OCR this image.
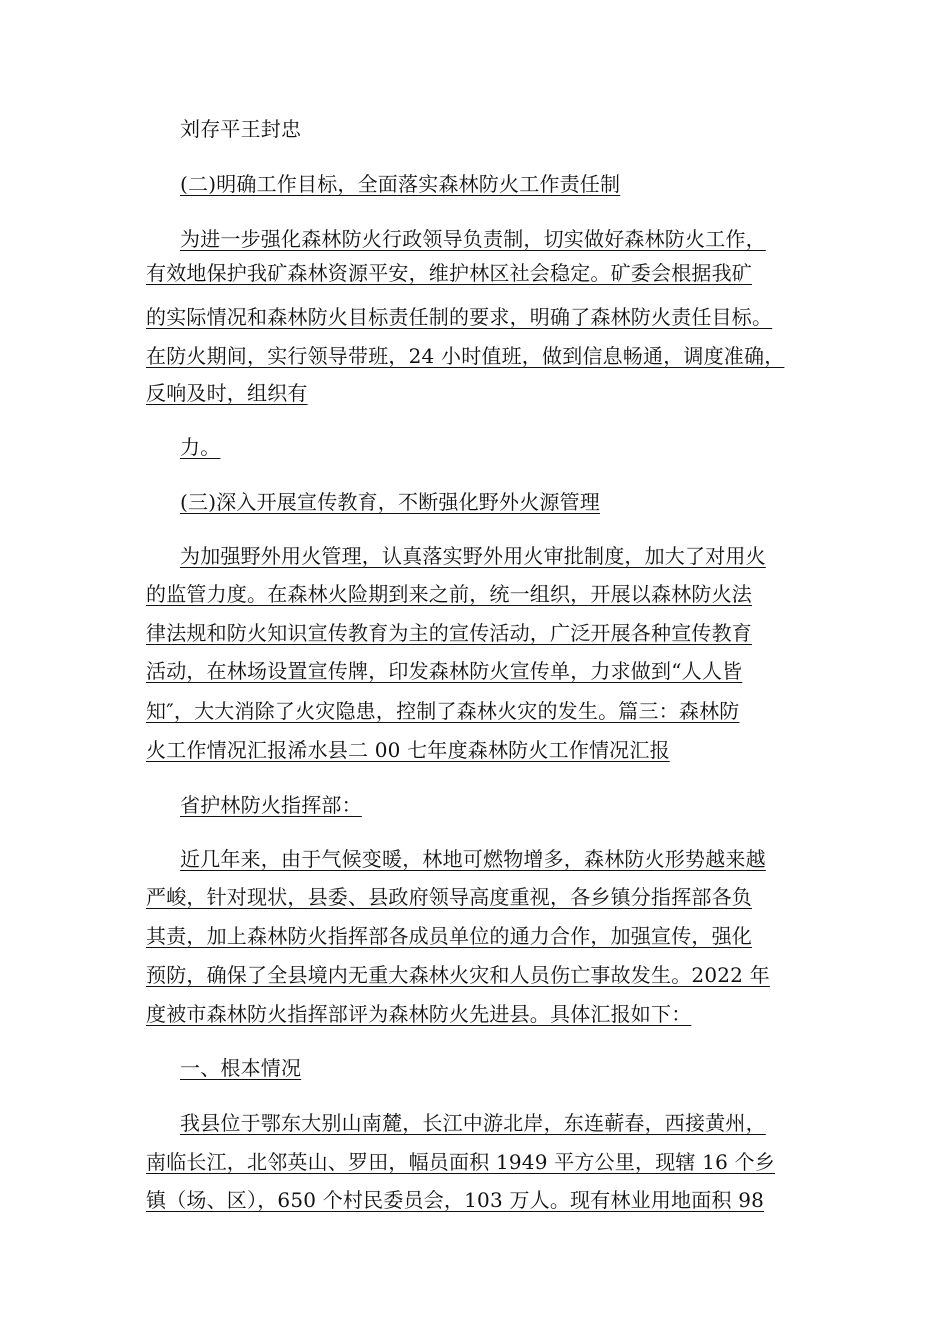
刘存平王封忠
(二)明确工作目标，全面落实森林防火工作责任制
为进一步强化森林防火行政领导负责制，切实做好森林防火工作，
有效地保护我矿森林资源平安，维护林区社会稳定。矿委会根据我矿
的实际情况和森林防火目标责任制的要求，明确了森林防火责任目标。
在防火期间，实行领导带班，24 小时值班，做到信息畅通，调度准确，
反响及时，组织有
力。
(三)深入开展宣传教育，不断强化野外火源管理
为加强野外用火管理，认真落实野外用火审批制度，加大了对用火
的监管力度。在森林火险期到来之前，统一组织，开展以森林防火法
律法规和防火知识宣传教育为主的宣传活动，广泛开展各种宣传教育
活动，在林场设置宣传牌，印发森林防火宣传单，力求做到“人人皆
知″，大大消除了火灾隐患，控制了森林火灾的发生。篇三：森林防
火工作情况汇报浠水县二 00 七年度森林防火工作情况汇报
省护林防火指挥部：
近几年来，由于气候变暖，林地可燃物增多，森林防火形势越来越
严峻，针对现状，县委、县政府领导高度重视，各乡镇分指挥部各负
其责，加上森林防火指挥部各成员单位的通力合作，加强宣传，强化
预防，确保了全县境内无重大森林火灾和人员伤亡事故发生。2022 年
度被市森林防火指挥部评为森林防火先进县。具体汇报如下：
一、根本情况
我县位于鄂东大别山南麓，长江中游北岸，东连蕲春，西接黄州，
南临长江，北邻英山、罗田，幅员面积 1949 平方公里，现辖 16 个乡
镇（场、区），650 个村民委员会，103 万人。现有林业用地面积 98
